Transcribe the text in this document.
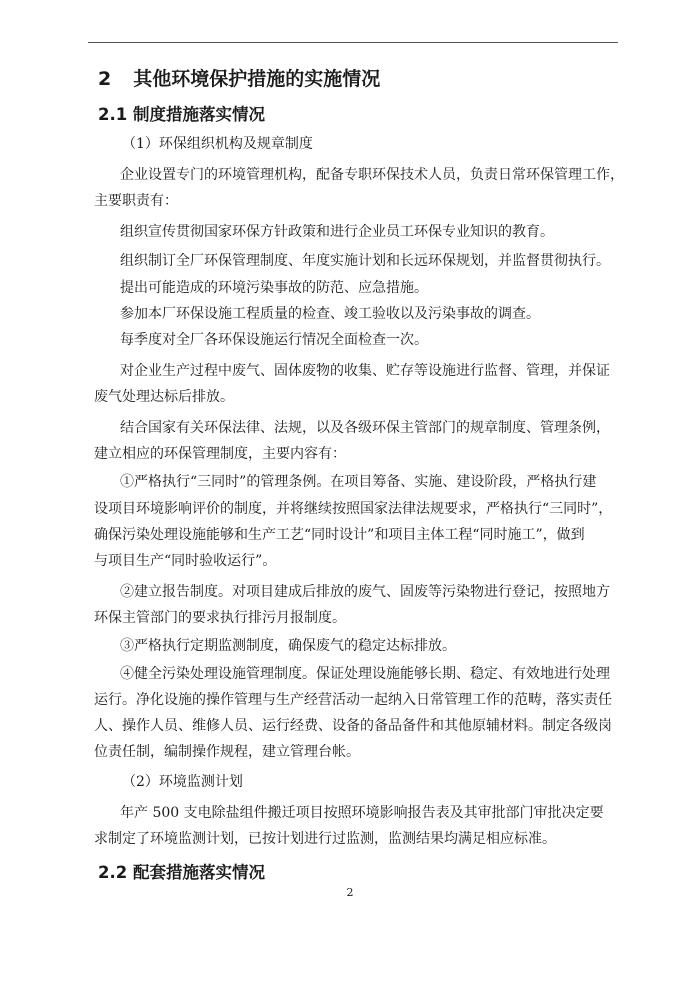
2 其他环境保护措施的实施情况
2.1 制度措施落实情况
（1）环保组织机构及规章制度
企业设置专门的环境管理机构，配备专职环保技术人员，负责日常环保管理工作，
主要职责有：
组织宣传贯彻国家环保方针政策和进行企业员工环保专业知识的教育。
组织制订全厂环保管理制度、年度实施计划和长远环保规划，并监督贯彻执行。
提出可能造成的环境污染事故的防范、应急措施。
参加本厂环保设施工程质量的检查、竣工验收以及污染事故的调查。
每季度对全厂各环保设施运行情况全面检查一次。
对企业生产过程中废气、固体废物的收集、贮存等设施进行监督、管理，并保证
废气处理达标后排放。
结合国家有关环保法律、法规，以及各级环保主管部门的规章制度、管理条例，
建立相应的环保管理制度，主要内容有：
①严格执行“三同时”的管理条例。在项目筹备、实施、建设阶段，严格执行建
设项目环境影响评价的制度，并将继续按照国家法律法规要求，严格执行“三同时”，
确保污染处理设施能够和生产工艺“同时设计”和项目主体工程“同时施工”，做到
与项目生产“同时验收运行”。
②建立报告制度。对项目建成后排放的废气、固废等污染物进行登记，按照地方
环保主管部门的要求执行排污月报制度。
③严格执行定期监测制度，确保废气的稳定达标排放。
④健全污染处理设施管理制度。保证处理设施能够长期、稳定、有效地进行处理
运行。净化设施的操作管理与生产经营活动一起纳入日常管理工作的范畴，落实责任
人、操作人员、维修人员、运行经费、设备的备品备件和其他原辅材料。制定各级岗
位责任制，编制操作规程，建立管理台帐。
（2）环境监测计划
年产 500 支电除盐组件搬迁项目按照环境影响报告表及其审批部门审批决定要
求制定了环境监测计划，已按计划进行过监测，监测结果均满足相应标准。
2.2 配套措施落实情况
2
